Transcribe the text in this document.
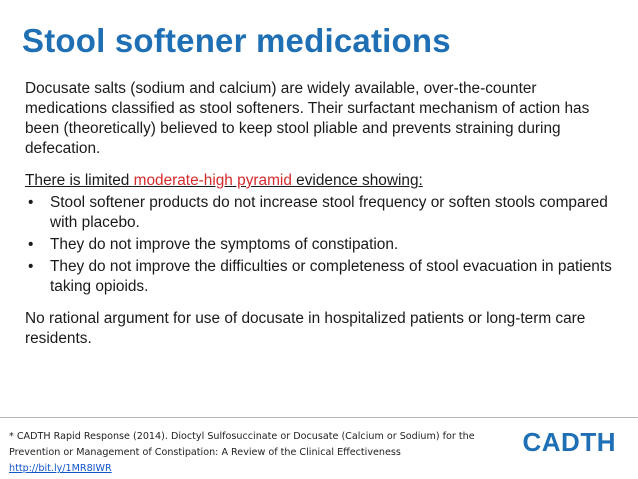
Stool softener medications

Docusate salts (sodium and calcium) are widely available, over-the-counter medications classified as stool softeners. Their surfactant mechanism of action has been (theoretically) believed to keep stool pliable and prevents straining during defecation.

There is limited moderate-high pyramid evidence showing:

• Stool softener products do not increase stool frequency or soften stools compared with placebo.
• They do not improve the symptoms of constipation.
• They do not improve the difficulties or completeness of stool evacuation in patients taking opioids.

No rational argument for use of docusate in hospitalized patients or long-term care residents.

* CADTH Rapid Response (2014). Dioctyl Sulfosuccinate or Docusate (Calcium or Sodium) for the Prevention or Management of Constipation: A Review of the Clinical Effectiveness
http://bit.ly/1MR8IWR
CADTH
